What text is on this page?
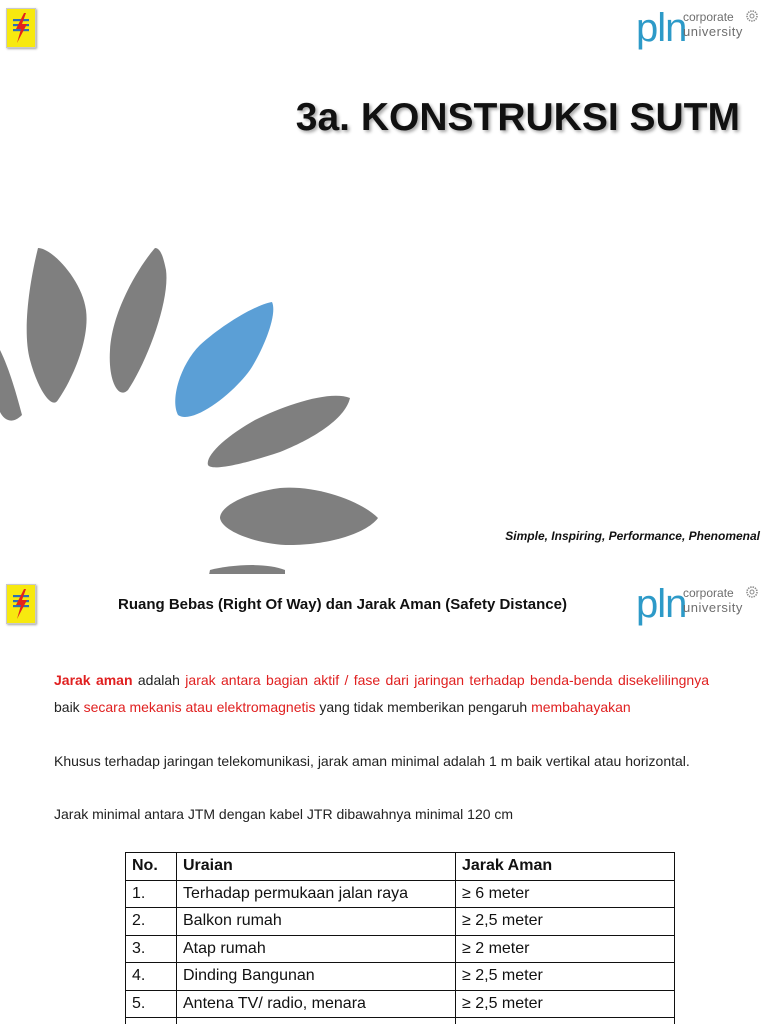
pln
corporate
university
3a. KONSTRUKSI SUTM
Simple, Inspiring, Performance, Phenomenal
pln
corporate
university
Ruang Bebas (Right Of Way) dan Jarak Aman (Safety Distance)
Jarak aman adalah jarak antara bagian aktif / fase dari jaringan terhadap benda-benda disekelilingnya baik secara mekanis atau elektromagnetis yang tidak memberikan pengaruh membahayakan
Khusus terhadap jaringan telekomunikasi, jarak aman minimal adalah 1 m baik vertikal atau horizontal.
Jarak minimal antara JTM dengan kabel JTR dibawahnya minimal 120 cm
No.	Uraian	Jarak Aman
1.	Terhadap permukaan jalan raya	≥ 6 meter
2.	Balkon rumah	≥ 2,5 meter
3.	Atap rumah	≥ 2 meter
4.	Dinding Bangunan	≥ 2,5 meter
5.	Antena TV/ radio, menara	≥ 2,5 meter
